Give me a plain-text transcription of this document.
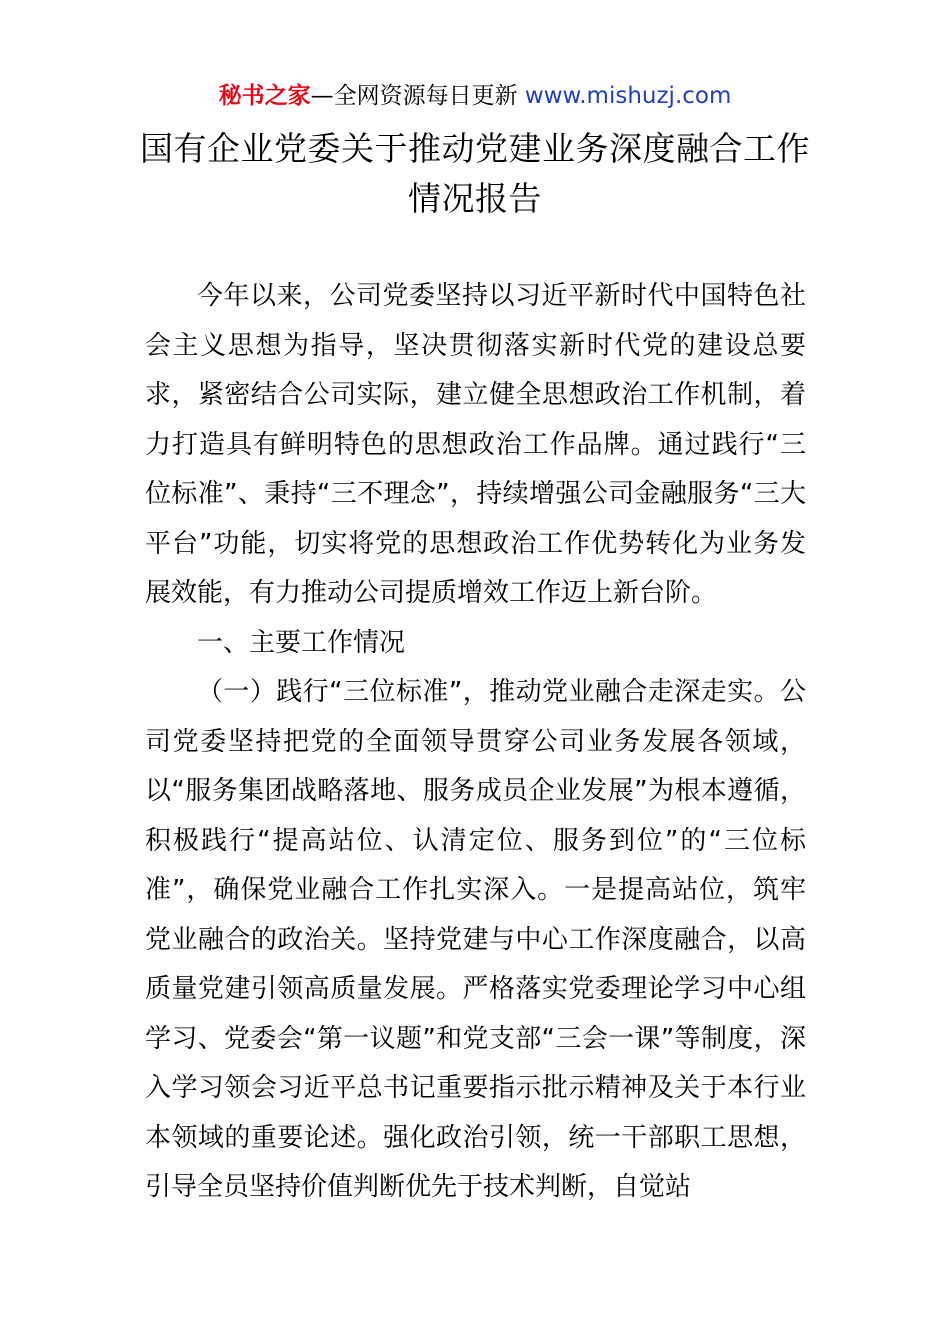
秘书之家—全网资源每日更新 www.mishuzj.com
国有企业党委关于推动党建业务深度融合工作
情况报告

今年以来，公司党委坚持以习近平新时代中国特色社会主义思想为指导，坚决贯彻落实新时代党的建设总要求，紧密结合公司实际，建立健全思想政治工作机制，着力打造具有鲜明特色的思想政治工作品牌。通过践行“三位标准”、秉持“三不理念”，持续增强公司金融服务“三大平台”功能，切实将党的思想政治工作优势转化为业务发展效能，有力推动公司提质增效工作迈上新台阶。

一、主要工作情况

（一）践行“三位标准”，推动党业融合走深走实。公司党委坚持把党的全面领导贯穿公司业务发展各领域，以“服务集团战略落地、服务成员企业发展”为根本遵循，积极践行“提高站位、认清定位、服务到位”的“三位标准”，确保党业融合工作扎实深入。一是提高站位，筑牢党业融合的政治关。坚持党建与中心工作深度融合，以高质量党建引领高质量发展。严格落实党委理论学习中心组学习、党委会“第一议题”和党支部“三会一课”等制度，深入学习领会习近平总书记重要指示批示精神及关于本行业本领域的重要论述。强化政治引领，统一干部职工思想，引导全员坚持价值判断优先于技术判断，自觉站
